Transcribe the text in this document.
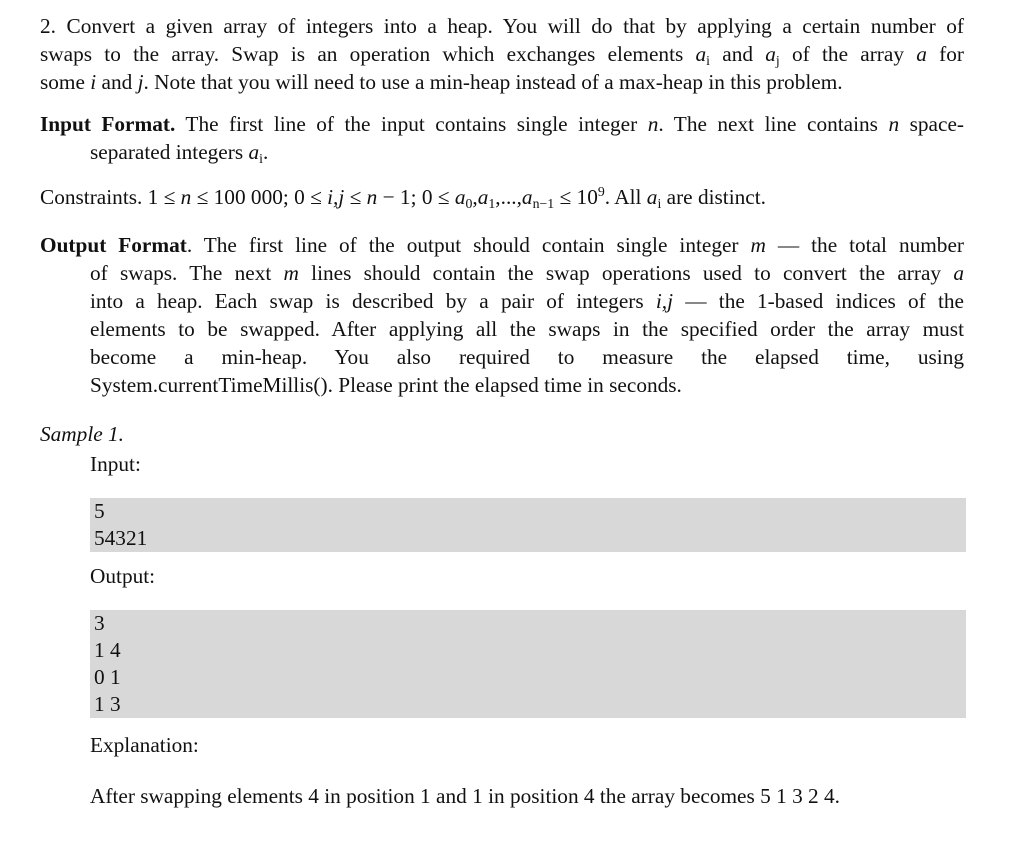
2. Convert a given array of integers into a heap. You will do that by applying a certain number of
swaps to the array. Swap is an operation which exchanges elements $a_i$ and $a_j$ of the array a for
some i and j. Note that you will need to use a min-heap instead of a max-heap in this problem.
Input Format. The first line of the input contains single integer n. The next line contains n space-
separated integers $a_i$.
Constraints. 1 ≤ n ≤ 100 000; 0 ≤ i,j ≤ n − 1; $0 \le a_0,a_1,...,a_{n-1} \le 10^9$. All $a_i$ are distinct.
Output Format. The first line of the output should contain single integer m — the total number
of swaps. The next m lines should contain the swap operations used to convert the array a
into a heap. Each swap is described by a pair of integers i,j — the 1-based indices of the
elements to be swapped. After applying all the swaps in the specified order the array must
become a min-heap. You also required to measure the elapsed time, using
System.currentTimeMillis(). Please print the elapsed time in seconds.
Sample 1.
Input:
5
54321
Output:
3
1 4
0 1
1 3
Explanation:
After swapping elements 4 in position 1 and 1 in position 4 the array becomes 5 1 3 2 4.
